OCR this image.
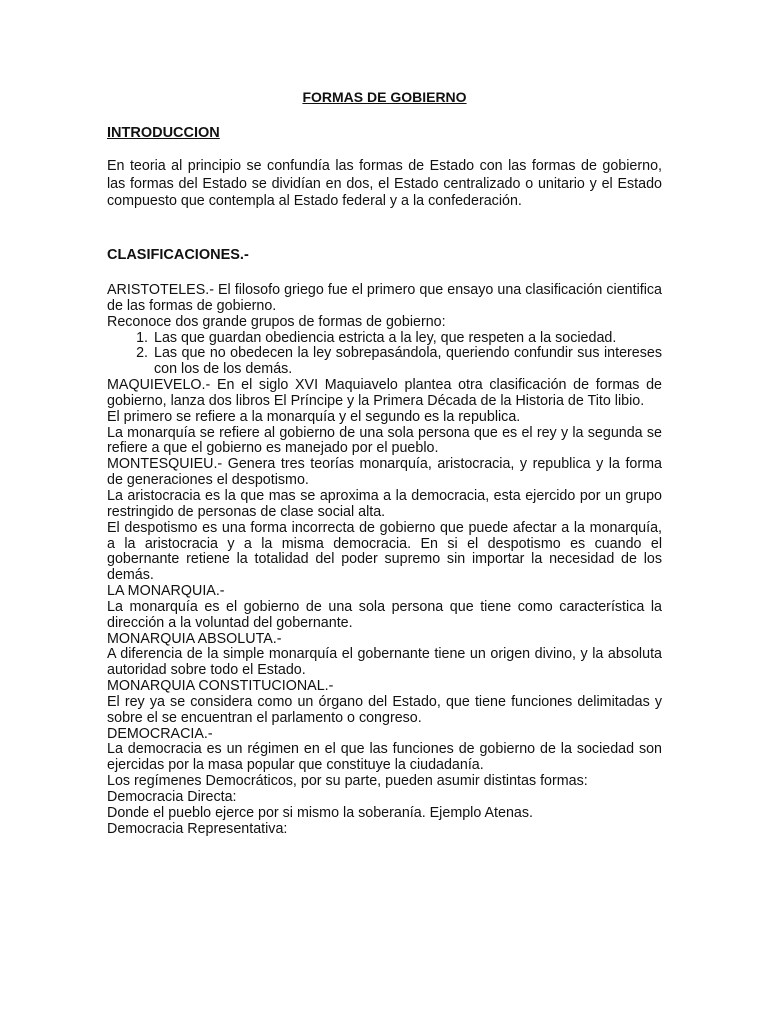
FORMAS DE GOBIERNO
INTRODUCCION

En teoria al principio se confundía las formas de Estado con las formas de gobierno, las formas del Estado se dividían en dos, el Estado centralizado o unitario y el Estado compuesto que contempla al Estado federal y a la confederación.

CLASIFICACIONES.-

ARISTOTELES.- El filosofo griego fue el primero que ensayo una clasificación cientifica de las formas de gobierno.

Reconoce dos grande grupos de formas de gobierno:

1. Las que guardan obediencia estricta a la ley, que respeten a la sociedad.
2. Las que no obedecen la ley sobrepasándola, queriendo confundir sus intereses con los de los demás.

MAQUIEVELO.- En el siglo XVI Maquiavelo plantea otra clasificación de formas de gobierno, lanza dos libros El Príncipe y la Primera Década de la Historia de Tito libio.

El primero se refiere a la monarquía y el segundo es la republica.

La monarquía se refiere al gobierno de una sola persona que es el rey y la segunda se refiere a que el gobierno es manejado por el pueblo.

MONTESQUIEU.- Genera tres teorías monarquía, aristocracia, y republica y la forma de generaciones el despotismo.

La aristocracia es la que mas se aproxima a la democracia, esta ejercido por un grupo restringido de personas de clase social alta.

El despotismo es una forma incorrecta de gobierno que puede afectar a la monarquía, a la aristocracia y a la misma democracia. En si el despotismo es cuando el gobernante retiene la totalidad del poder supremo sin importar la necesidad de los demás.

LA MONARQUIA.-

La monarquía es el gobierno de una sola persona que tiene como característica la dirección a la voluntad del gobernante.

MONARQUIA ABSOLUTA.-

A diferencia de la simple monarquía el gobernante tiene un origen divino, y la absoluta autoridad sobre todo el Estado.

MONARQUIA CONSTITUCIONAL.-

El rey ya se considera como un órgano del Estado, que tiene funciones delimitadas y sobre el se encuentran el parlamento o congreso.

DEMOCRACIA.-

La democracia es un régimen en el que las funciones de gobierno de la sociedad son ejercidas por la masa popular que constituye la ciudadanía.

Los regímenes Democráticos, por su parte, pueden asumir distintas formas:

Democracia Directa:

Donde el pueblo ejerce por si mismo la soberanía. Ejemplo Atenas.

Democracia Representativa:
